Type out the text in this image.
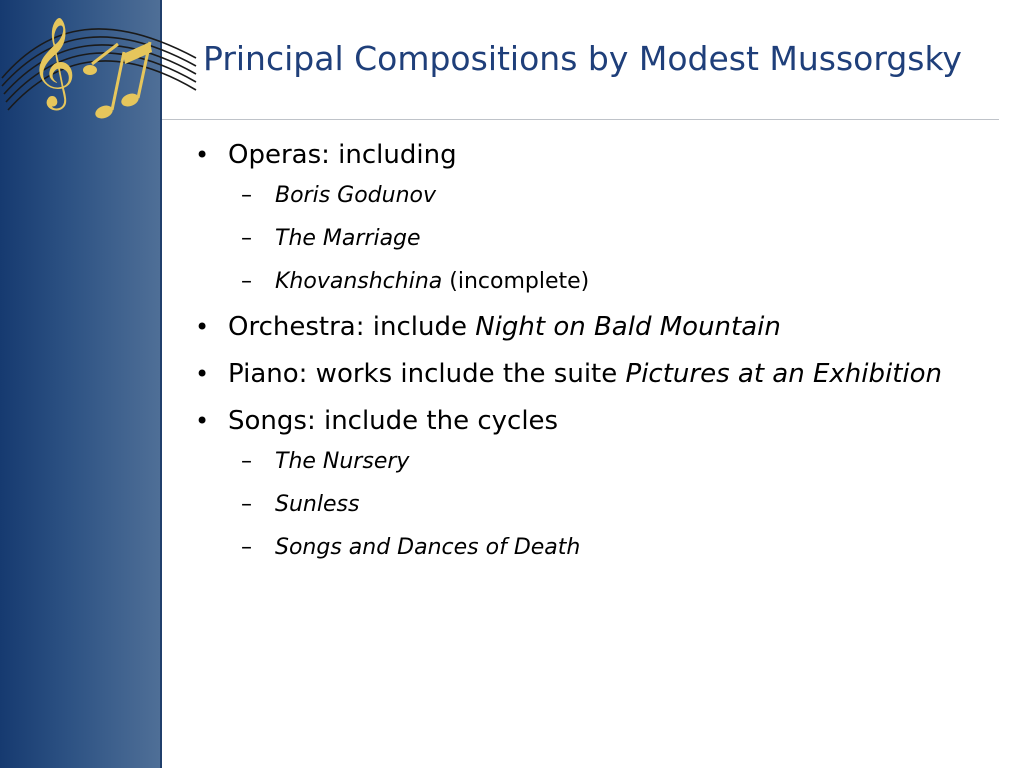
𝄞	Principal Compositions by Modest Mussorgsky
• Operas: including
– Boris Godunov
– The Marriage
– Khovanshchina (incomplete)
• Orchestra: include Night on Bald Mountain
• Piano: works include the suite Pictures at an Exhibition
• Songs: include the cycles
– The Nursery
– Sunless
– Songs and Dances of Death
